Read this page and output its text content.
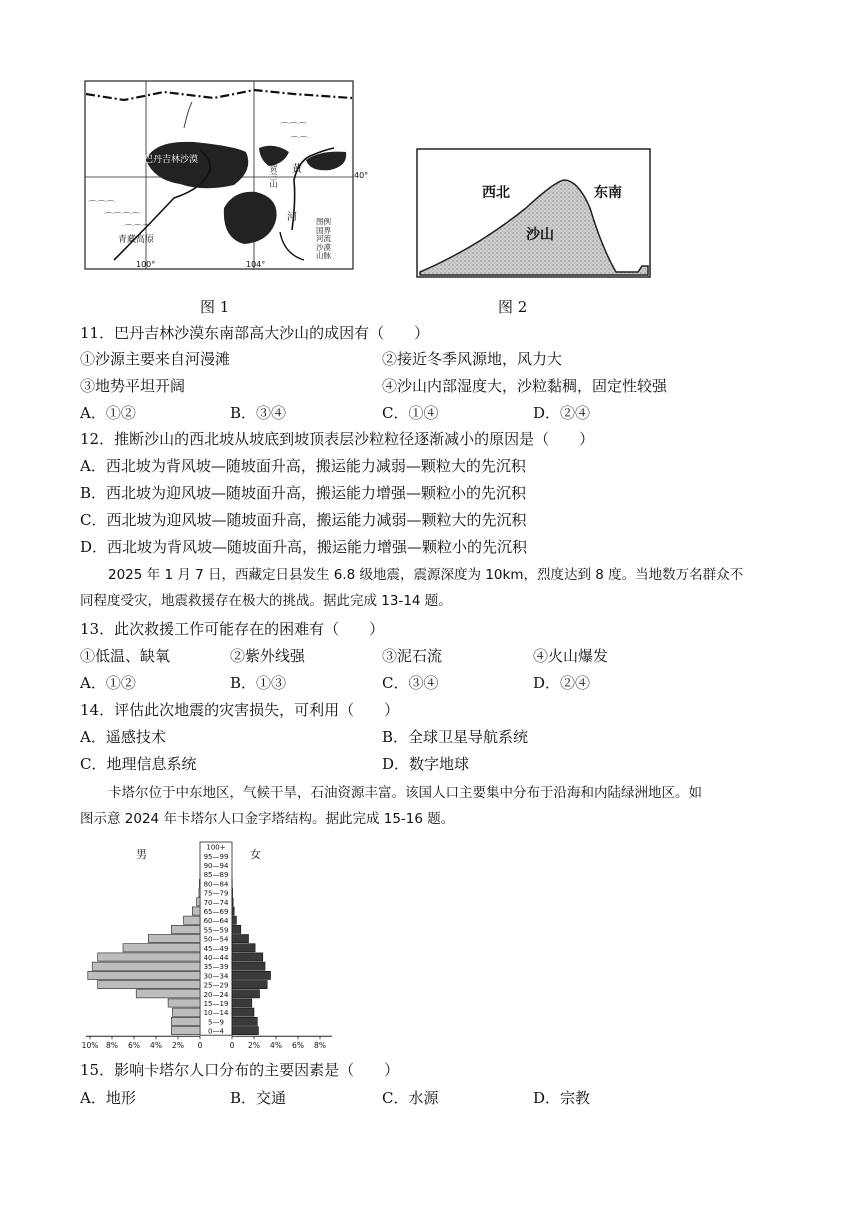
⌒⌒⌒
⌒⌒⌒⌒
⌒⌒⌒
⌒⌒⌒
⌒⌒
巴丹吉林沙漠
黄
河
贺兰山
青藏高原
40°
100°	104°
图例
国界
河流
沙漠
山脉
图 1
西北	东南
沙山
图 2
11．巴丹吉林沙漠东南部高大沙山的成因有（　　）
①沙源主要来自河漫滩	②接近冬季风源地，风力大
③地势平坦开阔	④沙山内部湿度大，沙粒黏稠，固定性较强
A．①②	B．③④	C．①④	D．②④
12．推断沙山的西北坡从坡底到坡顶表层沙粒粒径逐渐减小的原因是（　　）
A．西北坡为背风坡—随坡面升高，搬运能力减弱—颗粒大的先沉积
B．西北坡为迎风坡—随坡面升高，搬运能力增强—颗粒小的先沉积
C．西北坡为迎风坡—随坡面升高，搬运能力减弱—颗粒大的先沉积
D．西北坡为背风坡—随坡面升高，搬运能力增强—颗粒小的先沉积
2025 年 1 月 7 日，西藏定日县发生 6.8 级地震，震源深度为 10km，烈度达到 8 度。当地数万名群众不
同程度受灾，地震救援存在极大的挑战。据此完成 13-14 题。
13．此次救援工作可能存在的困难有（　　）
①低温、缺氧	②紫外线强	③泥石流	④火山爆发
A．①②	B．①③	C．③④	D．②④
14．评估此次地震的灾害损失，可利用（　　）
A．遥感技术	B．全球卫星导航系统
C．地理信息系统	D．数字地球
卡塔尔位于中东地区，气候干旱，石油资源丰富。该国人口主要集中分布于沿海和内陆绿洲地区。如
图示意 2024 年卡塔尔人口金字塔结构。据此完成 15-16 题。
0—4
5—9
10—14
15—19
20—24
25—29
30—34
35—39
40—44
45—49
50—54
55—59
60—64
65—69
70—74
75—79
80—84
85—89
90—94
95—99
100+
10% 8% 6% 4% 2% 0	0 2% 4% 6% 8%
男	女
15．影响卡塔尔人口分布的主要因素是（　　）
A．地形	B．交通	C．水源	D．宗教
